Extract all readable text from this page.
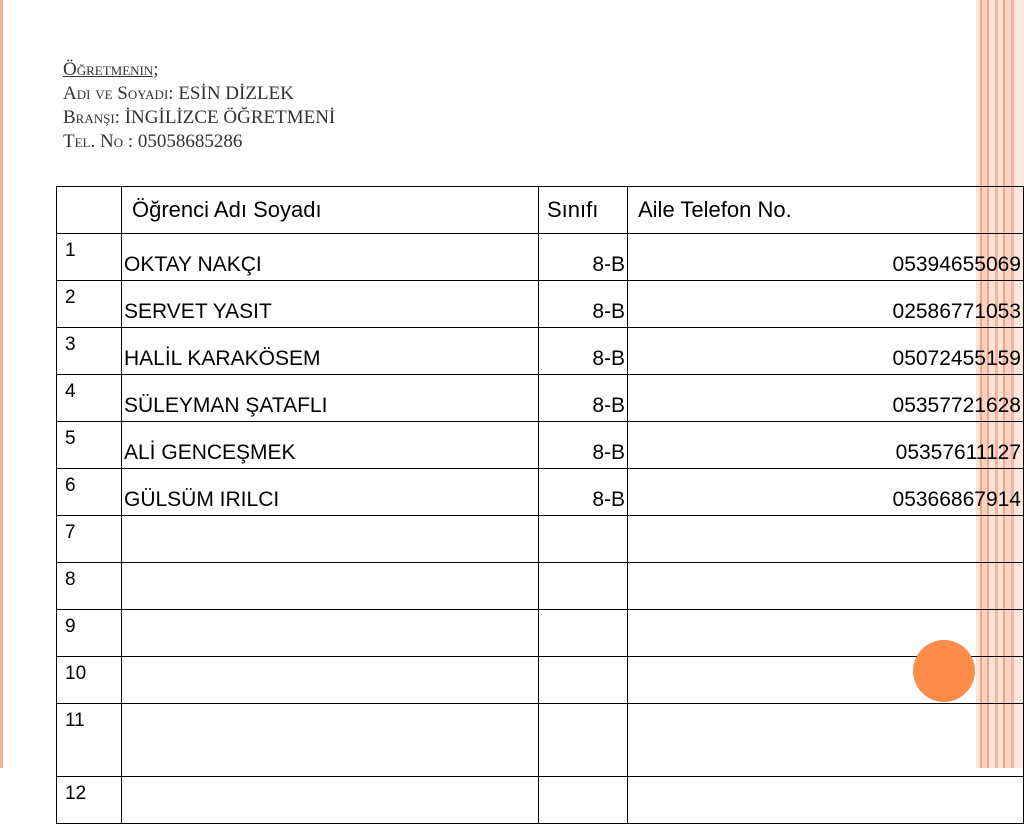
Öğretmenin;
Adı ve Soyadı: ESİN DİZLEK
Branşı: İNGİLİZCE ÖĞRETMENİ
Tel. No : 05058685286
	Öğrenci Adı Soyadı	Sınıfı	Aile Telefon No.
1	OKTAY NAKÇI	8-B	05394655069
2	SERVET YASIT	8-B	02586771053
3	HALİL KARAKÖSEM	8-B	05072455159
4	SÜLEYMAN ŞATAFLI	8-B	05357721628
5	ALİ GENCEŞMEK	8-B	05357611127
6	GÜLSÜM IRILCI	8-B	05366867914
7			
8			
9			
10			
11			
12			
